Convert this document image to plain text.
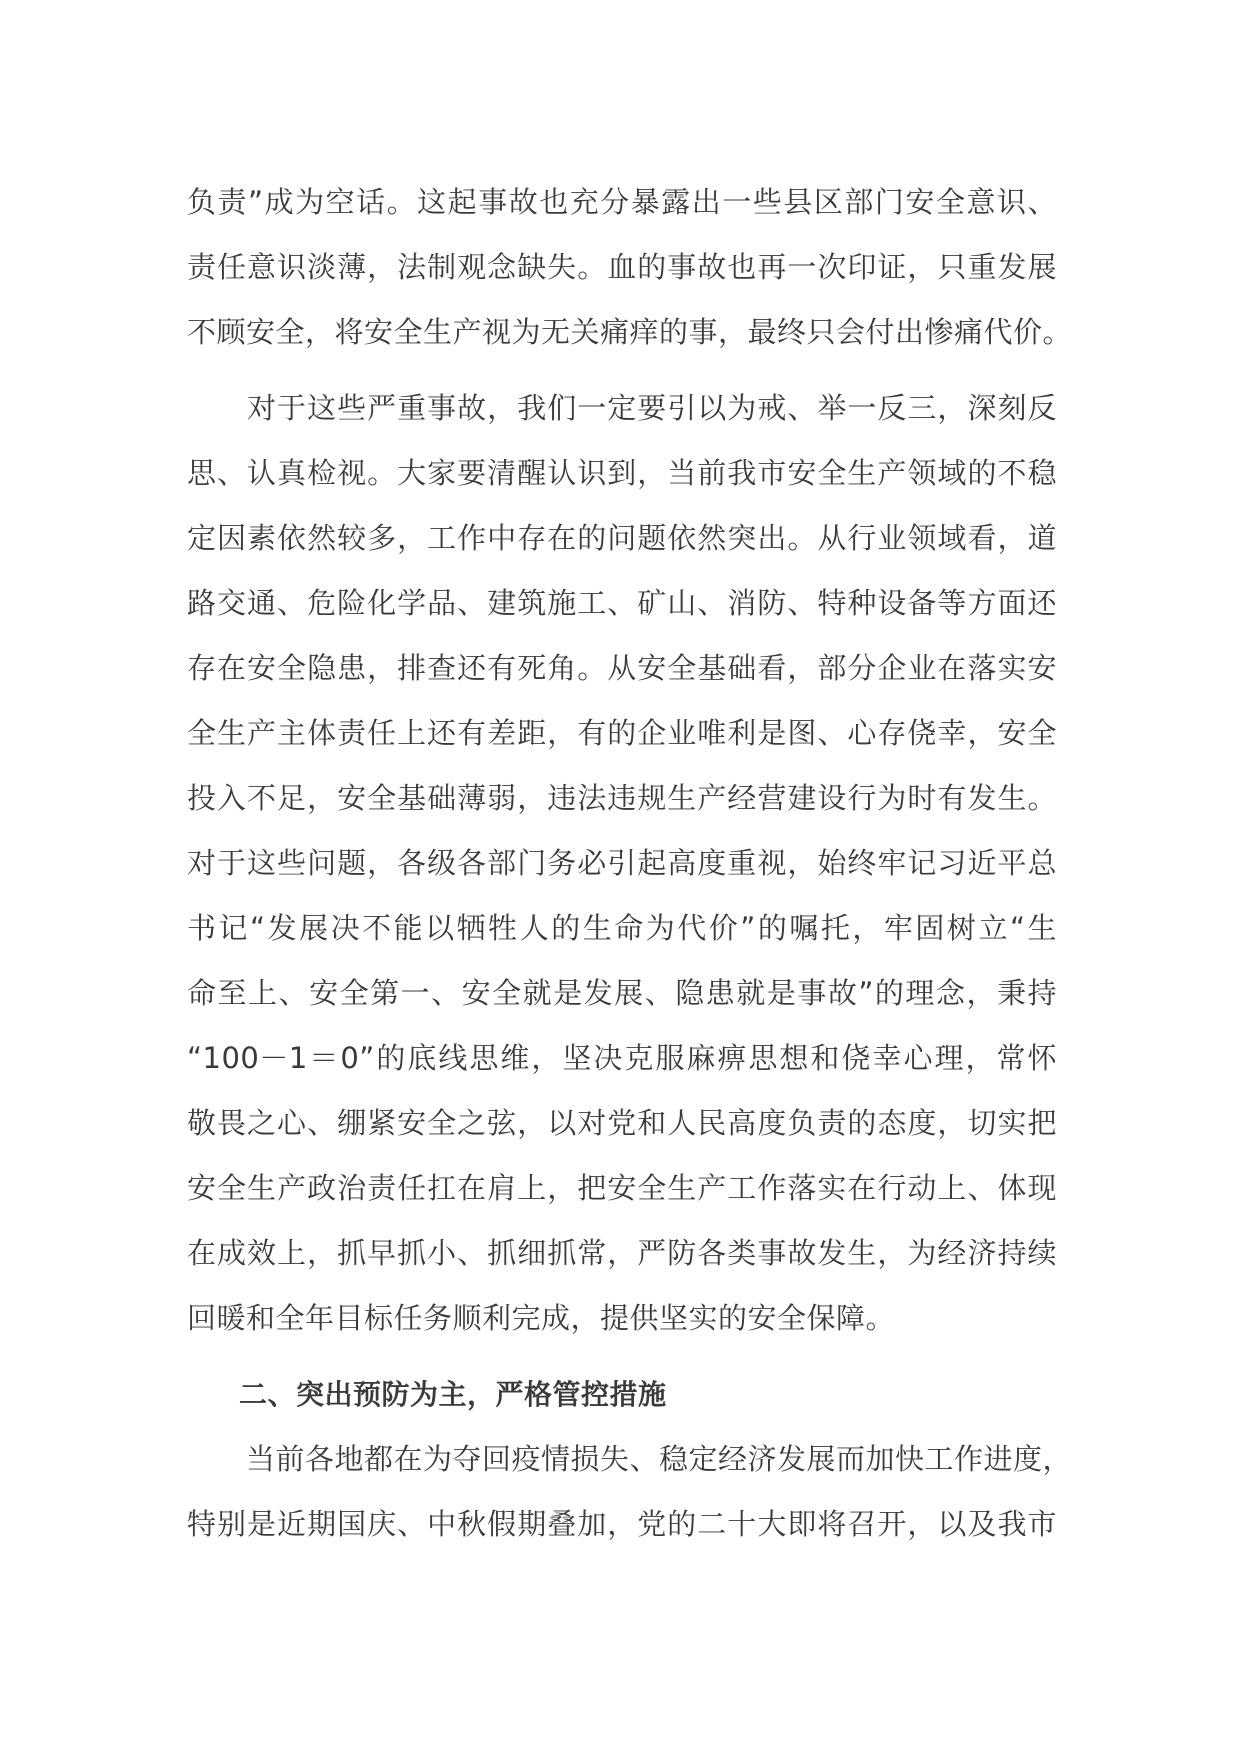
负责”成为空话。这起事故也充分暴露出一些县区部门安全意识、
责任意识淡薄，法制观念缺失。血的事故也再一次印证，只重发展
不顾安全，将安全生产视为无关痛痒的事，最终只会付出惨痛代价。

　　对于这些严重事故，我们一定要引以为戒、举一反三，深刻反
思、认真检视。大家要清醒认识到，当前我市安全生产领域的不稳
定因素依然较多，工作中存在的问题依然突出。从行业领域看，道
路交通、危险化学品、建筑施工、矿山、消防、特种设备等方面还
存在安全隐患，排查还有死角。从安全基础看，部分企业在落实安
全生产主体责任上还有差距，有的企业唯利是图、心存侥幸，安全
投入不足，安全基础薄弱，违法违规生产经营建设行为时有发生。
对于这些问题，各级各部门务必引起高度重视，始终牢记习近平总
书记“发展决不能以牺牲人的生命为代价”的嘱托，牢固树立“生
命至上、安全第一、安全就是发展、隐患就是事故”的理念，秉持
“100－1＝0”的底线思维，坚决克服麻痹思想和侥幸心理，常怀
敬畏之心、绷紧安全之弦，以对党和人民高度负责的态度，切实把
安全生产政治责任扛在肩上，把安全生产工作落实在行动上、体现
在成效上，抓早抓小、抓细抓常，严防各类事故发生，为经济持续
回暖和全年目标任务顺利完成，提供坚实的安全保障。

二、突出预防为主，严格管控措施

　　当前各地都在为夺回疫情损失、稳定经济发展而加快工作进度，
特别是近期国庆、中秋假期叠加，党的二十大即将召开，以及我市
